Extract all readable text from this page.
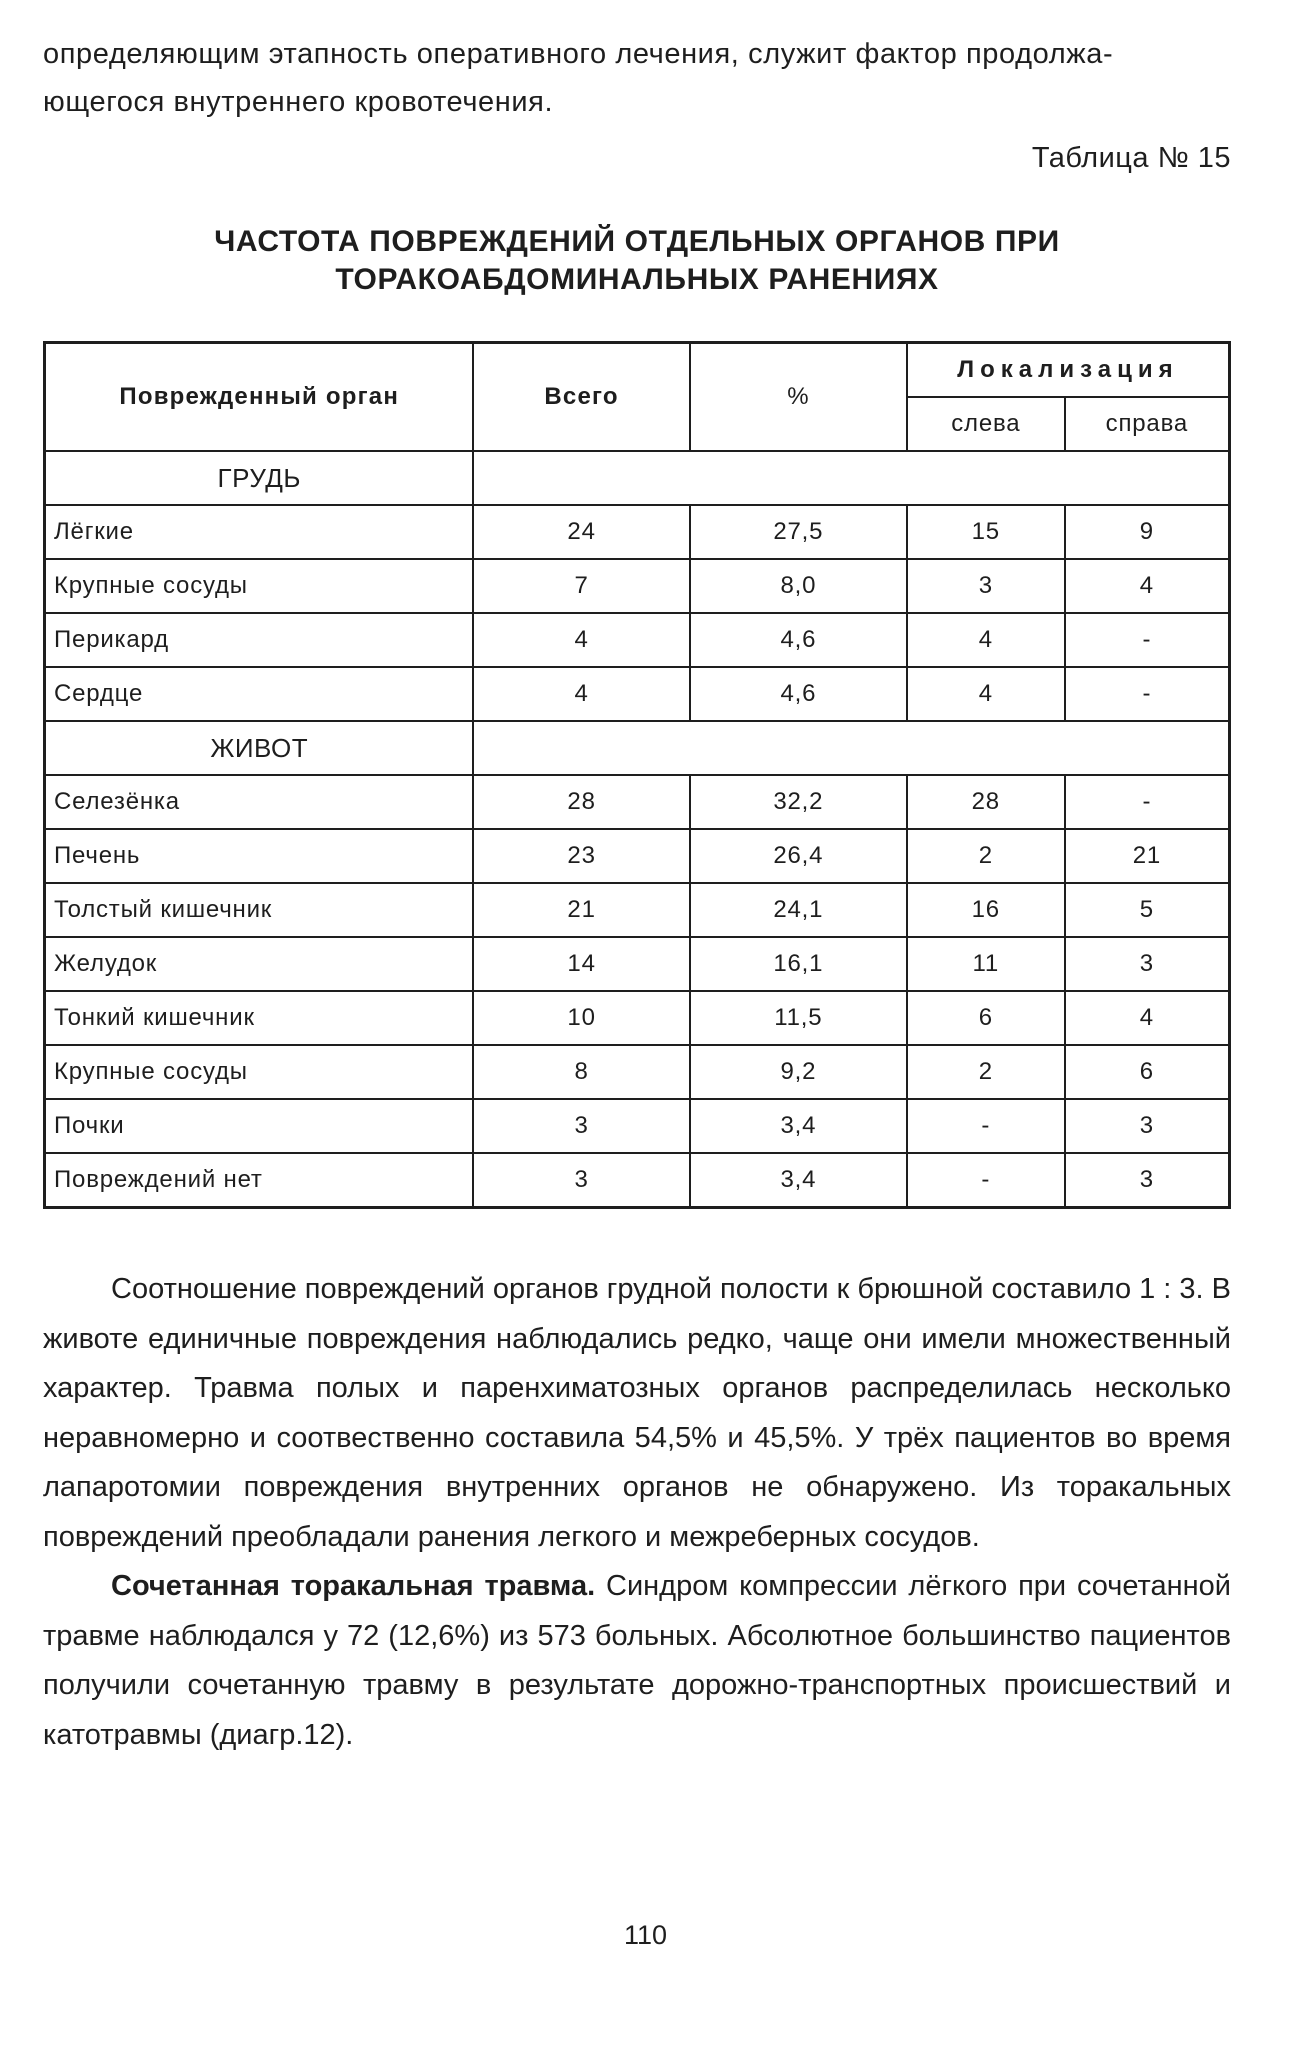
определяющим этапность оперативного лечения, служит фактор продолжа-
ющегося внутреннего кровотечения.

Таблица № 15

ЧАСТОТА ПОВРЕЖДЕНИЙ ОТДЕЛЬНЫХ ОРГАНОВ ПРИ
ТОРАКОАБДОМИНАЛЬНЫХ РАНЕНИЯХ
Поврежденный орган	Всего	%	Локализация	
			слева	справа
ГРУДЬ				
Лёгкие	24	27,5	15	9
Крупные сосуды	7	8,0	3	4
Перикард	4	4,6	4	-
Сердце	4	4,6	4	-
ЖИВОТ				
Селезёнка	28	32,2	28	-
Печень	23	26,4	2	21
Толстый кишечник	21	24,1	16	5
Желудок	14	16,1	11	3
Тонкий кишечник	10	11,5	6	4
Крупные сосуды	8	9,2	2	6
Почки	3	3,4	-	3
Повреждений нет	3	3,4	-	3

Соотношение повреждений органов грудной полости к брюшной составило 1 : 3. В животе единичные повреждения наблюдались редко, чаще они имели множественный характер. Травма полых и паренхиматозных органов распределилась несколько неравномерно и соотвественно составила 54,5% и 45,5%. У трёх пациентов во время лапаротомии повреждения внутренних органов не обнаружено. Из торакальных повреждений преобладали ранения легкого и межреберных сосудов.

Сочетанная торакальная травма. Синдром компрессии лёгкого при сочетанной травме наблюдался у 72 (12,6%) из 573 больных. Абсолютное большинство пациентов получили сочетанную травму в результате дорожно-транспортных происшествий и катотравмы (диагр.12).

110
